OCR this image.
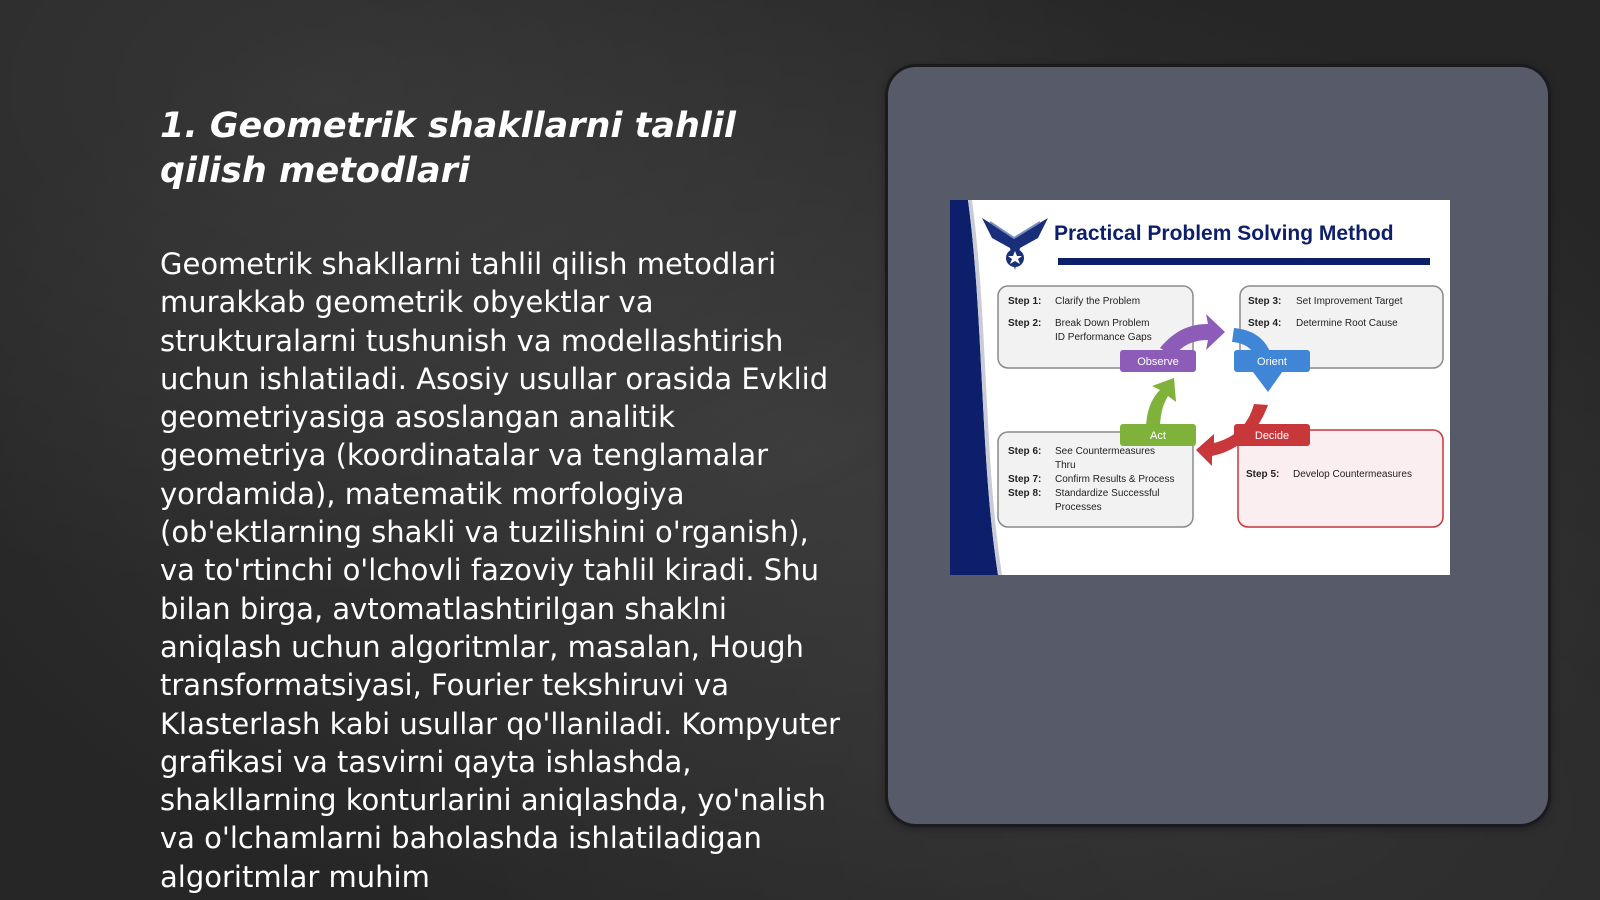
1. Geometrik shakllarni tahlil qilish metodlari

Geometrik shakllarni tahlil qilish metodlari murakkab geometrik obyektlar va strukturalarni tushunish va modellashtirish uchun ishlatiladi. Asosiy usullar orasida Evklid geometriyasiga asoslangan analitik geometriya (koordinatalar va tenglamalar yordamida), matematik morfologiya (ob'ektlarning shakli va tuzilishini o'rganish), va to'rtinchi o'lchovli fazoviy tahlil kiradi. Shu bilan birga, avtomatlashtirilgan shaklni aniqlash uchun algoritmlar, masalan, Hough transformatsiyasi, Fourier tekshiruvi va Klasterlash kabi usullar qo'llaniladi. Kompyuter grafikasi va tasvirni qayta ishlashda, shakllarning konturlarini aniqlashda, yo'nalish va o'lchamlarni baholashda ishlatiladigan algoritmlar muhim

Practical Problem Solving Method
Step 1: Clarify the Problem
Step 2: Break Down Problem
ID Performance Gaps
Step 3: Set Improvement Target
Step 4: Determine Root Cause
Step 6: See Countermeasures
Thru
Step 7: Confirm Results & Process
Step 8: Standardize Successful
Processes
Step 5: Develop Countermeasures
Observe	Orient
Decide
Act
